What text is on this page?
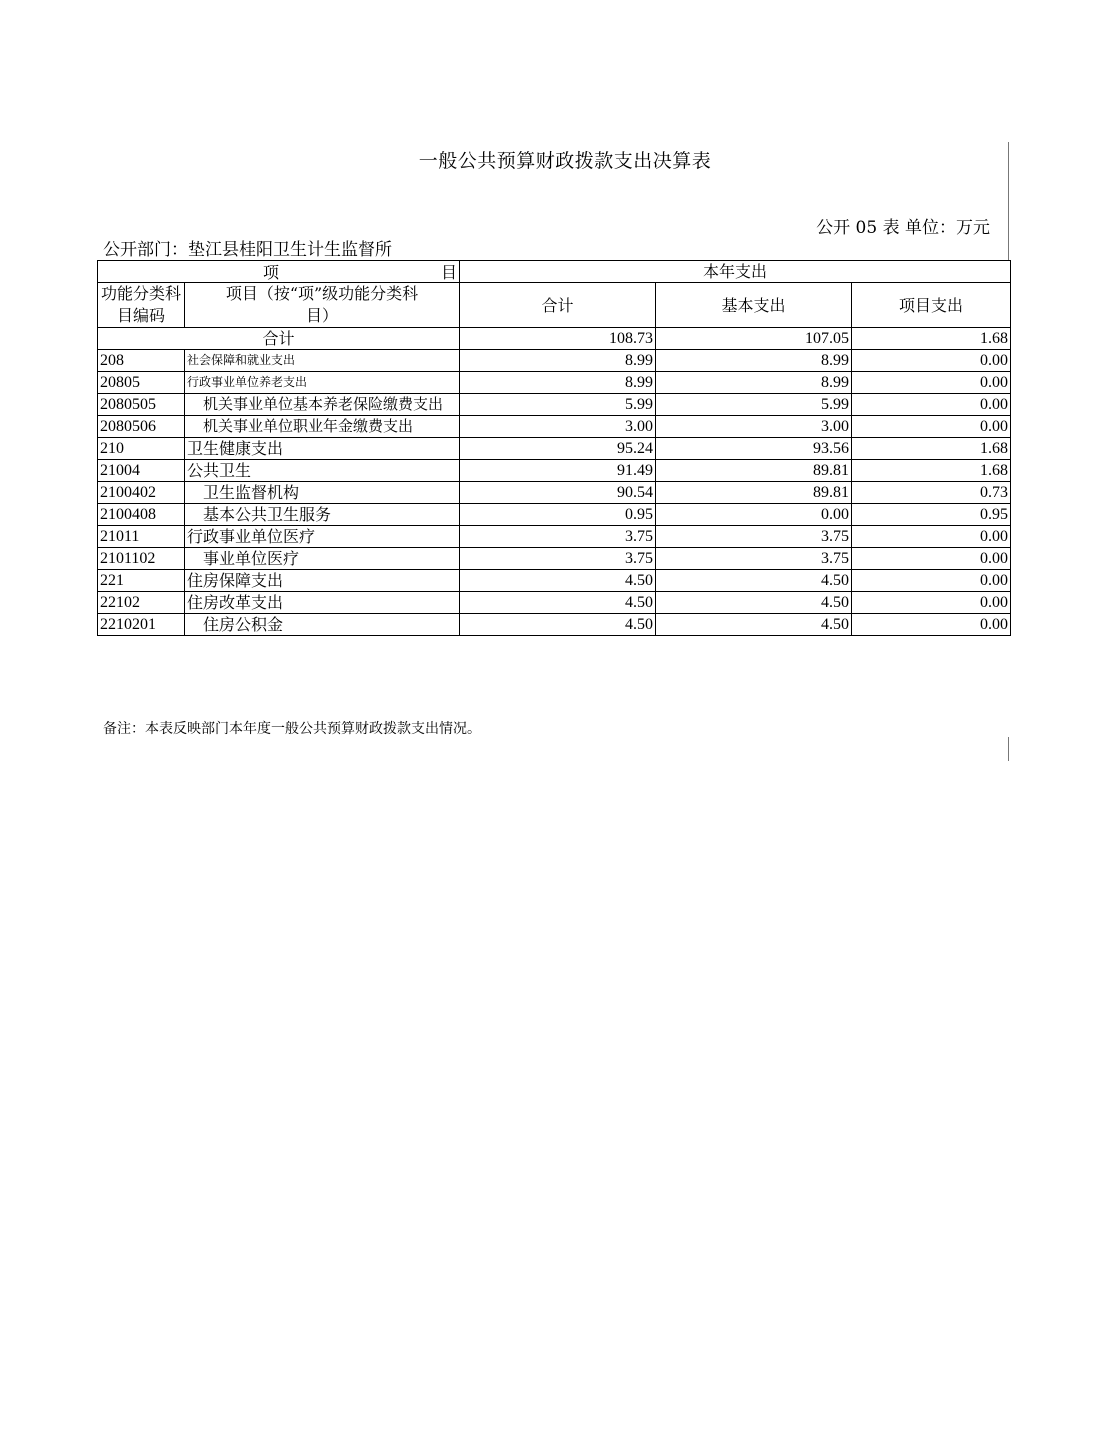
一般公共预算财政拨款支出决算表
公开 05 表 单位：万元
公开部门：垫江县桂阳卫生计生监督所
项 目		本年支出		
功能分类科目编码	项目（按“项”级功能分类科目）	合计	基本支出	项目支出
合计		108.73	107.05	1.68
208	社会保障和就业支出	8.99	8.99	0.00
20805	行政事业单位养老支出	8.99	8.99	0.00
2080505	机关事业单位基本养老保险缴费支出	5.99	5.99	0.00
2080506	机关事业单位职业年金缴费支出	3.00	3.00	0.00
210	卫生健康支出	95.24	93.56	1.68
21004	公共卫生	91.49	89.81	1.68
2100402	卫生监督机构	90.54	89.81	0.73
2100408	基本公共卫生服务	0.95	0.00	0.95
21011	行政事业单位医疗	3.75	3.75	0.00
2101102	事业单位医疗	3.75	3.75	0.00
221	住房保障支出	4.50	4.50	0.00
22102	住房改革支出	4.50	4.50	0.00
2210201	住房公积金	4.50	4.50	0.00
备注：本表反映部门本年度一般公共预算财政拨款支出情况。
